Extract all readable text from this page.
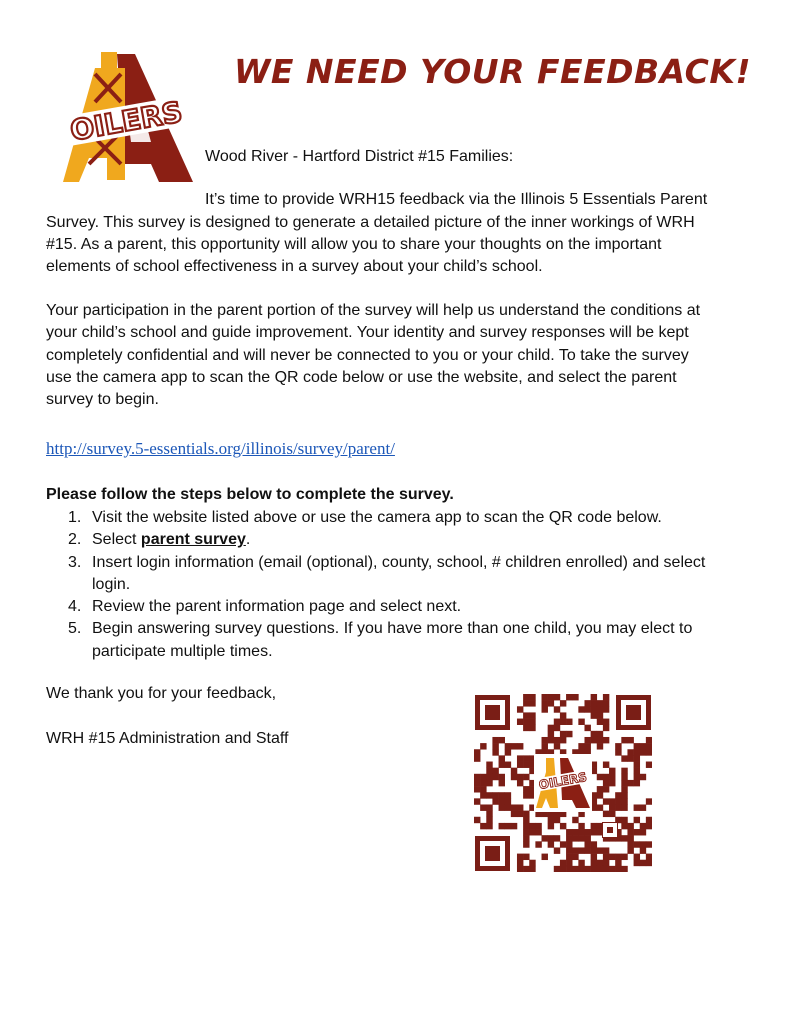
OILERS
WE NEED YOUR FEEDBACK!

Wood River - Hartford District #15 Families:

It’s time to provide WRH15 feedback via the Illinois 5 Essentials Parent

Survey. This survey is designed to generate a detailed picture of the inner workings of WRH

#15. As a parent, this opportunity will allow you to share your thoughts on the important

elements of school effectiveness in a survey about your child’s school.

Your participation in the parent portion of the survey will help us understand the conditions at

your child’s school and guide improvement. Your identity and survey responses will be kept

completely confidential and will never be connected to you or your child. To take the survey

use the camera app to scan the QR code below or use the website, and select the parent

survey to begin.

http://survey.5-essentials.org/illinois/survey/parent/

Please follow the steps below to complete the survey.

1. Visit the website listed above or use the camera app to scan the QR code below.
2. Select parent survey.
3. Insert login information (email (optional), county, school, # children enrolled) and select
login.
4. Review the parent information page and select next.
5. Begin answering survey questions. If you have more than one child, you may elect to
participate multiple times.

We thank you for your feedback,

WRH #15 Administration and Staff

OILERS
